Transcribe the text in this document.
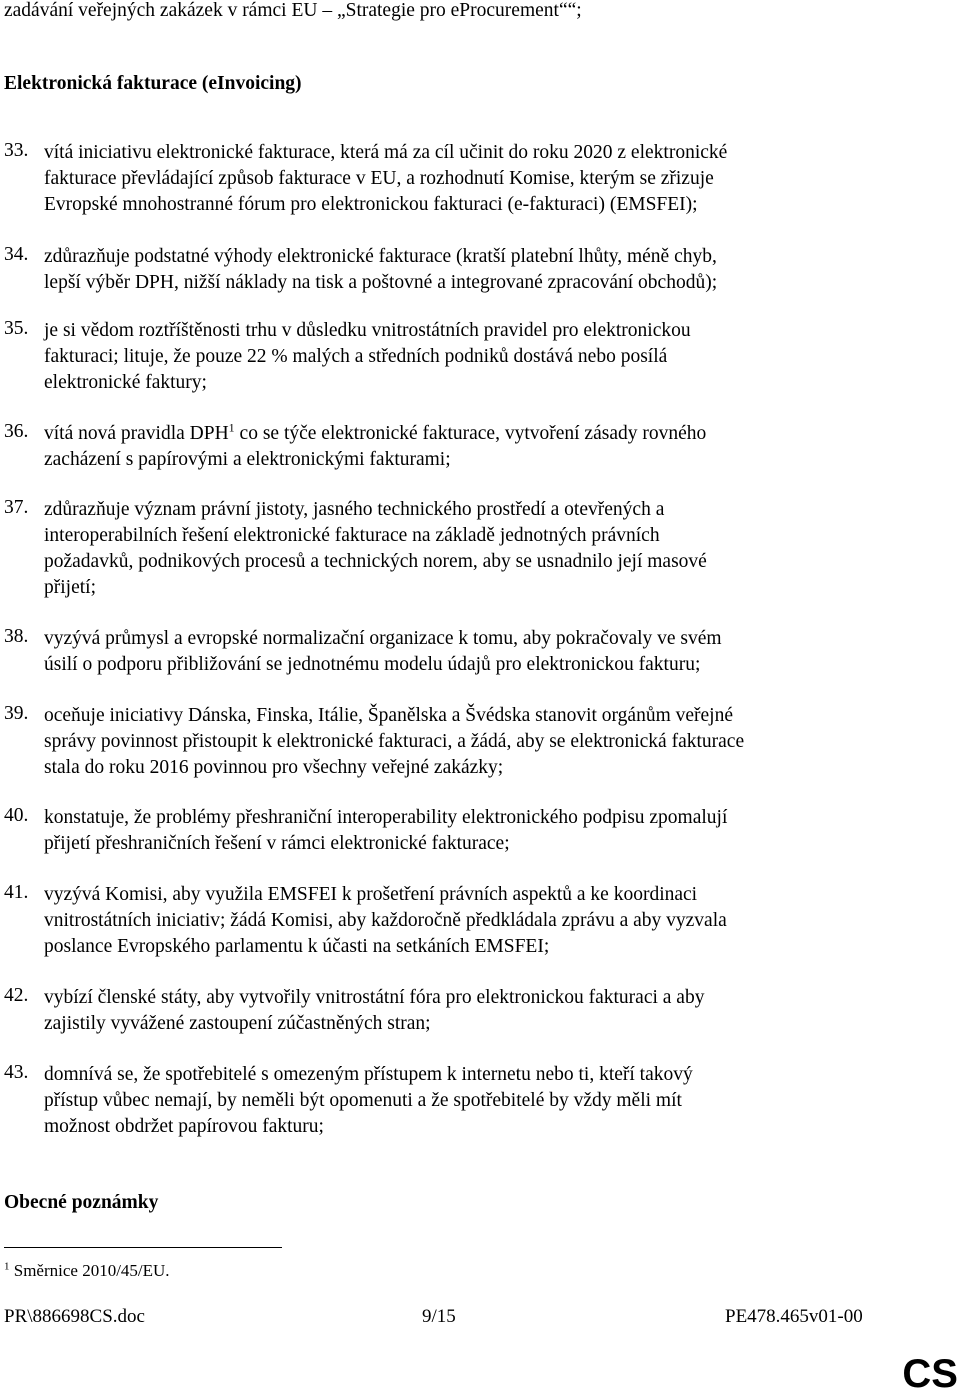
zadávání veřejných zakázek v rámci EU – „Strategie pro eProcurement““;
Elektronická fakturace (eInvoicing)
33. vítá iniciativu elektronické fakturace, která má za cíl učinit do roku 2020 z elektronické
fakturace převládající způsob fakturace v EU, a rozhodnutí Komise, kterým se zřizuje
Evropské mnohostranné fórum pro elektronickou fakturaci (e-fakturaci) (EMSFEI);
34. zdůrazňuje podstatné výhody elektronické fakturace (kratší platební lhůty, méně chyb,
lepší výběr DPH, nižší náklady na tisk a poštovné a integrované zpracování obchodů);
35. je si vědom roztříštěnosti trhu v důsledku vnitrostátních pravidel pro elektronickou
fakturaci; lituje, že pouze 22 % malých a středních podniků dostává nebo posílá
elektronické faktury;
36. vítá nová pravidla DPH$^1$ co se týče elektronické fakturace, vytvoření zásady rovného
zacházení s papírovými a elektronickými fakturami;
37. zdůrazňuje význam právní jistoty, jasného technického prostředí a otevřených a
interoperabilních řešení elektronické fakturace na základě jednotných právních
požadavků, podnikových procesů a technických norem, aby se usnadnilo její masové
přijetí;
38. vyzývá průmysl a evropské normalizační organizace k tomu, aby pokračovaly ve svém
úsilí o podporu přibližování se jednotnému modelu údajů pro elektronickou fakturu;
39. oceňuje iniciativy Dánska, Finska, Itálie, Španělska a Švédska stanovit orgánům veřejné
správy povinnost přistoupit k elektronické fakturaci, a žádá, aby se elektronická fakturace
stala do roku 2016 povinnou pro všechny veřejné zakázky;
40. konstatuje, že problémy přeshraniční interoperability elektronického podpisu zpomalují
přijetí přeshraničních řešení v rámci elektronické fakturace;
41. vyzývá Komisi, aby využila EMSFEI k prošetření právních aspektů a ke koordinaci
vnitrostátních iniciativ; žádá Komisi, aby každoročně předkládala zprávu a aby vyzvala
poslance Evropského parlamentu k účasti na setkáních EMSFEI;
42. vybízí členské státy, aby vytvořily vnitrostátní fóra pro elektronickou fakturaci a aby
zajistily vyvážené zastoupení zúčastněných stran;
43. domnívá se, že spotřebitelé s omezeným přístupem k internetu nebo ti, kteří takový
přístup vůbec nemají, by neměli být opomenuti a že spotřebitelé by vždy měli mít
možnost obdržet papírovou fakturu;
Obecné poznámky
$^1$ Směrnice 2010/45/EU.
PR\886698CS.doc	9/15	PE478.465v01-00
CS
